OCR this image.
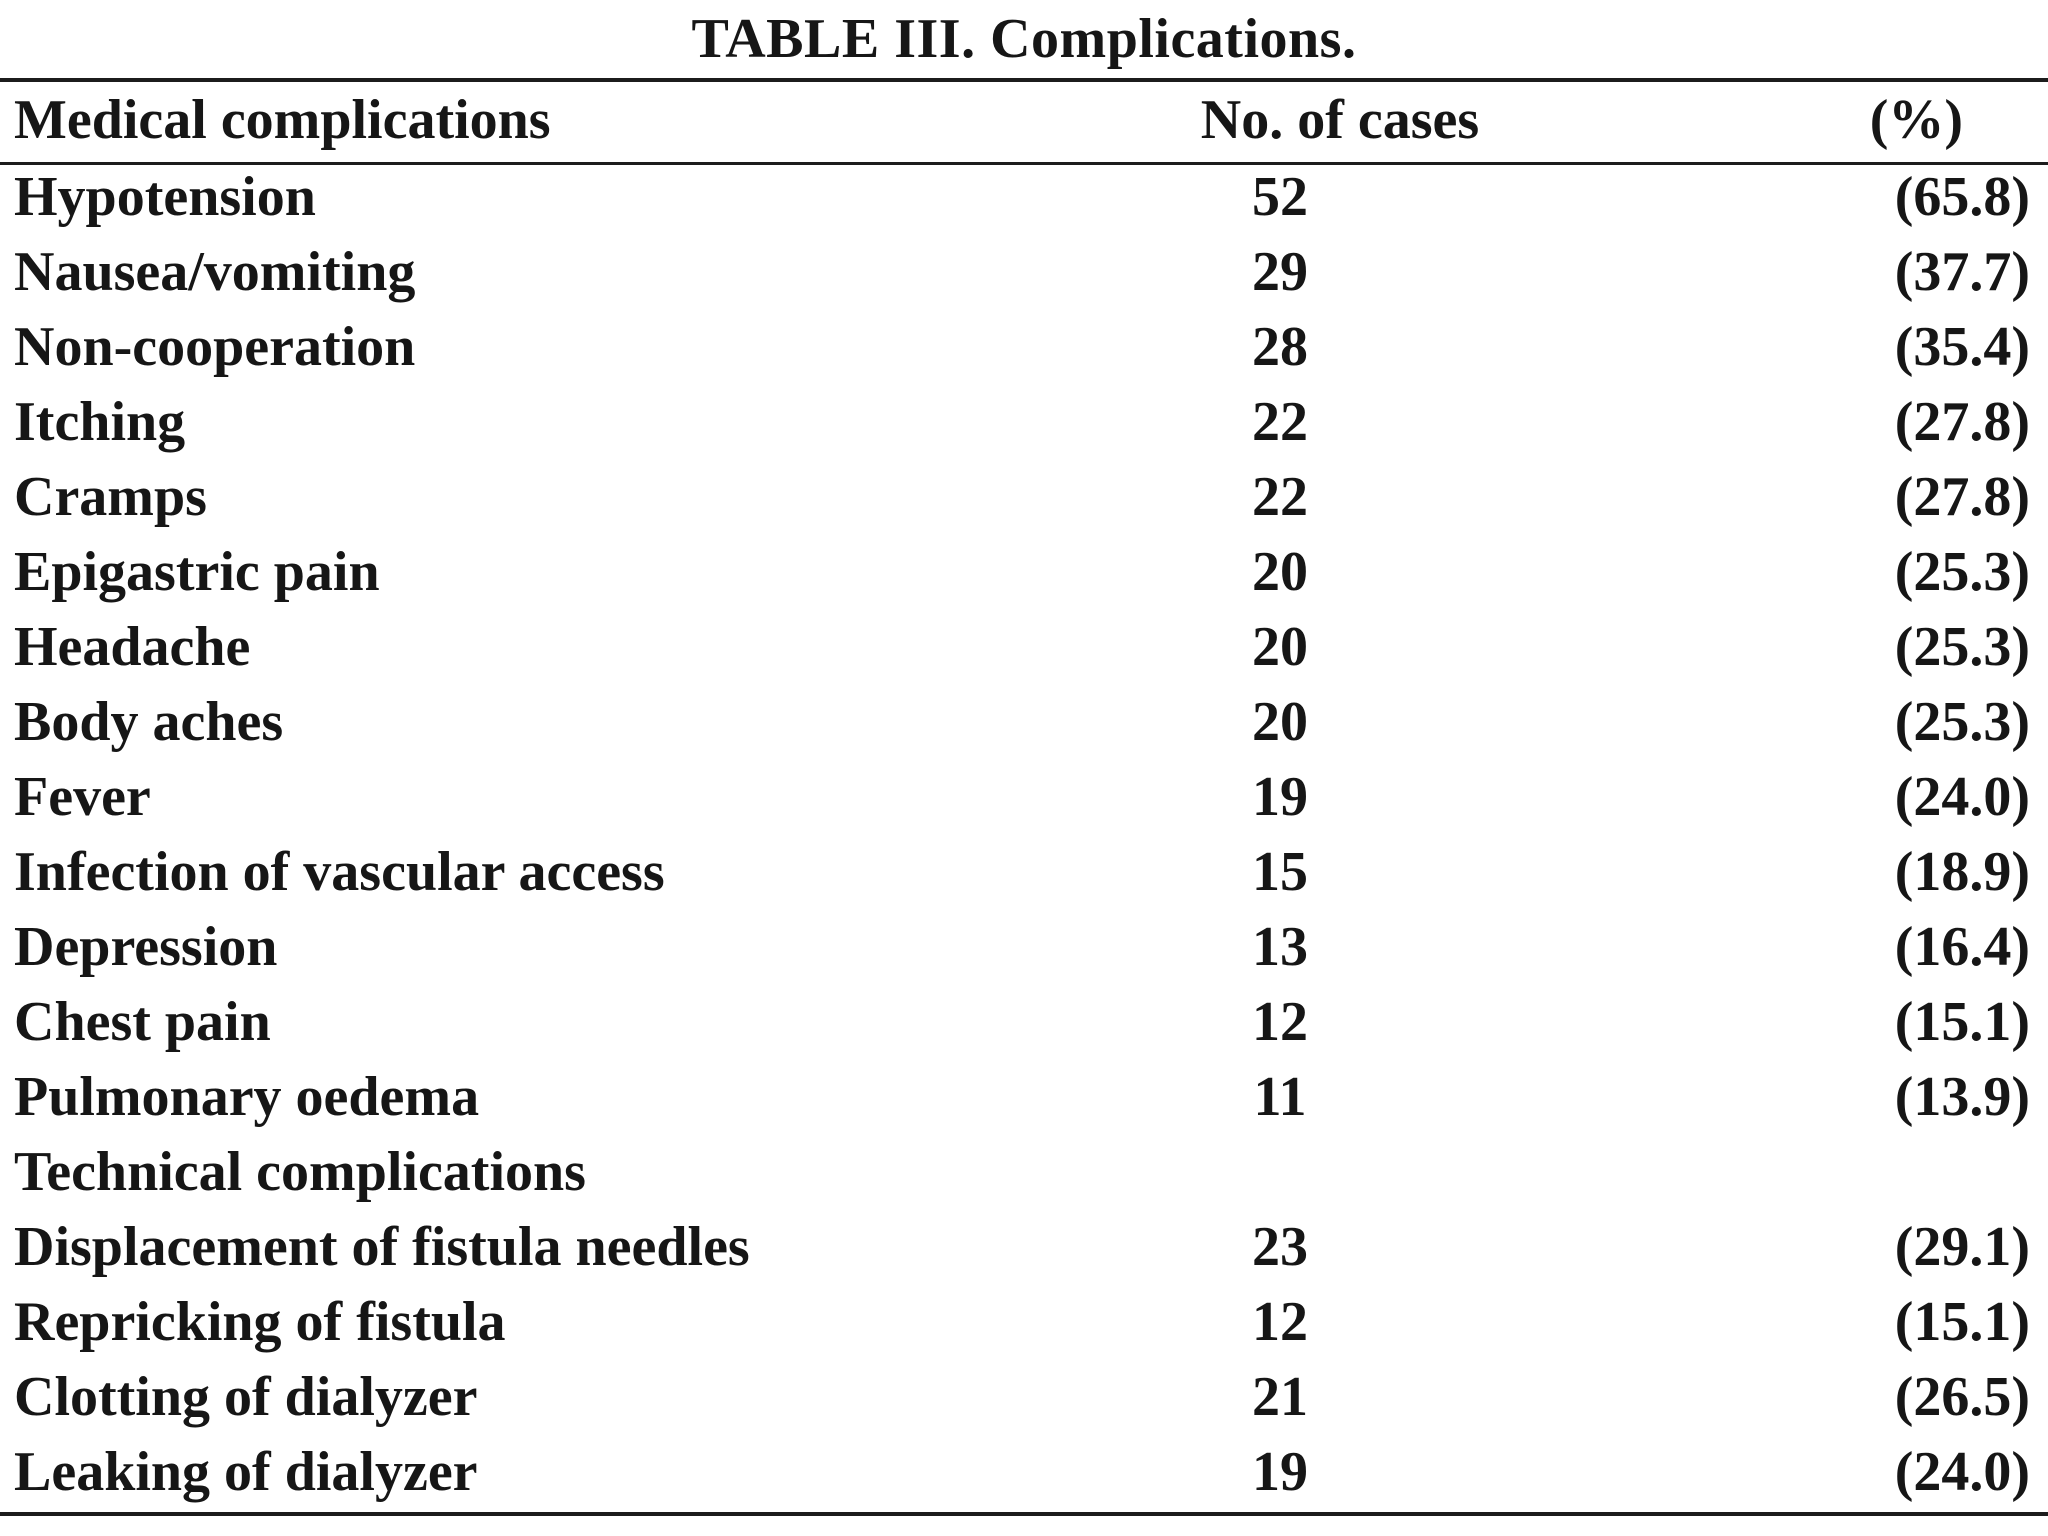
TABLE III. Complications.
Medical complications	No. of cases	(%)
Hypotension	52	(65.8)
Nausea/vomiting	29	(37.7)
Non-cooperation	28	(35.4)
Itching	22	(27.8)
Cramps	22	(27.8)
Epigastric pain	20	(25.3)
Headache	20	(25.3)
Body aches	20	(25.3)
Fever	19	(24.0)
Infection of vascular access	15	(18.9)
Depression	13	(16.4)
Chest pain	12	(15.1)
Pulmonary oedema	11	(13.9)
Technical complications
Displacement of fistula needles	23	(29.1)
Repricking of fistula	12	(15.1)
Clotting of dialyzer	21	(26.5)
Leaking of dialyzer	19	(24.0)
